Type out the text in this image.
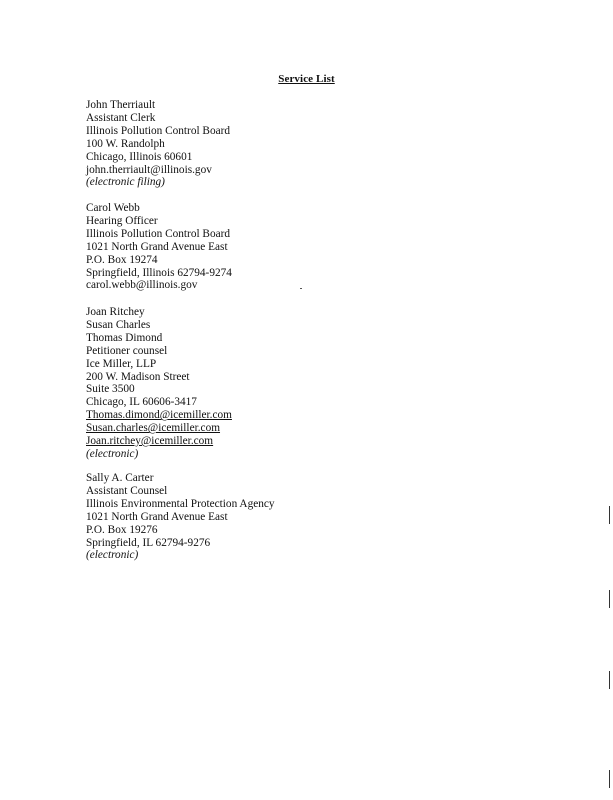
Service List
John Therriault
Assistant Clerk
Illinois Pollution Control Board
100 W. Randolph
Chicago, Illinois 60601
john.therriault@illinois.gov
(electronic filing)
Carol Webb
Hearing Officer
Illinois Pollution Control Board
1021 North Grand Avenue East
P.O. Box 19274
Springfield, Illinois 62794-9274
carol.webb@illinois.gov
Joan Ritchey
Susan Charles
Thomas Dimond
Petitioner counsel
Ice Miller, LLP
200 W. Madison Street
Suite 3500
Chicago, IL 60606-3417
Thomas.dimond@icemiller.com
Susan.charles@icemiller.com
Joan.ritchey@icemiller.com
(electronic)
Sally A. Carter
Assistant Counsel
Illinois Environmental Protection Agency
1021 North Grand Avenue East
P.O. Box 19276
Springfield, IL 62794-9276
(electronic)
